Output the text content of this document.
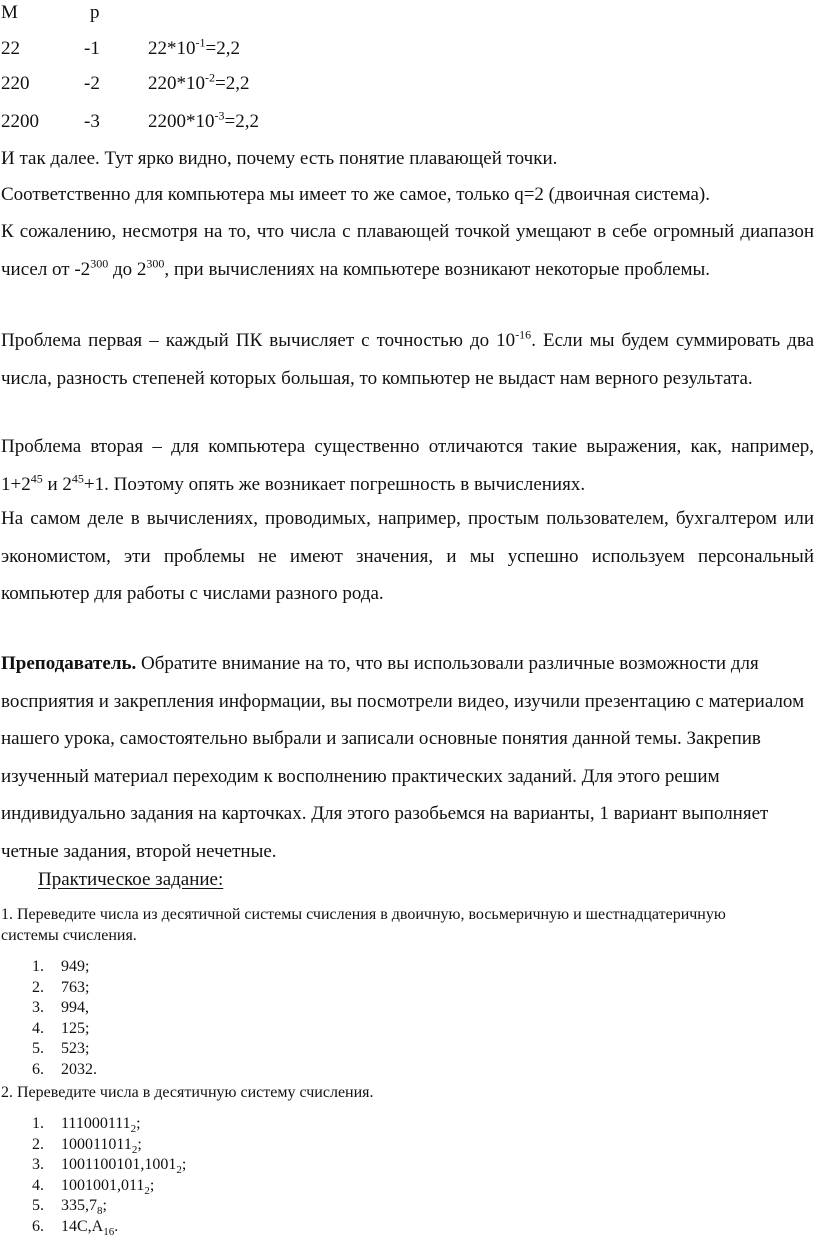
М	р
22	-1	$22*10^{-1}=2,2$
220	-2	$220*10^{-2}=2,2$
2200 -3	$2200*10^{-3}=2,2$

И так далее. Тут ярко видно, почему есть понятие плавающей точки.

Соответственно для компьютера мы имеет то же самое, только q=2 (двоичная система).

К сожалению, несмотря на то, что числа с плавающей точкой умещают в себе огромный диапазон чисел от $-2^{300}$ до $2^{300}$, при вычислениях на компьютере возникают некоторые проблемы.

Проблема первая – каждый ПК вычисляет с точностью до $10^{-16}$. Если мы будем суммировать два числа, разность степеней которых большая, то компьютер не выдаст нам верного результата.

Проблема вторая – для компьютера существенно отличаются такие выражения, как, например, $1+2^{45}$ и $2^{45}+1$. Поэтому опять же возникает погрешность в вычислениях.

На самом деле в вычислениях, проводимых, например, простым пользователем, бухгалтером или экономистом, эти проблемы не имеют значения, и мы успешно используем персональный компьютер для работы с числами разного рода.

Преподаватель. Обратите внимание на то, что вы использовали различные возможности для восприятия и закрепления информации, вы посмотрели видео, изучили презентацию с материалом нашего урока, самостоятельно выбрали и записали основные понятия данной темы. Закрепив изученный материал переходим к восполнению практических заданий. Для этого решим индивидуально задания на карточках. Для этого разобьемся на варианты, 1 вариант выполняет четные задания, второй нечетные.

Практическое задание:

1. Переведите числа из десятичной системы счисления в двоичную, восьмеричную и шестнадцатеричную системы счисления.

1.	949;
2.	763;
3.	994,
4.	125;
5.	523;
6.	2032.

2. Переведите числа в десятичную систему счисления.

1.	$111000111_2$;
2.	$100011011_2$;
3.	$1001100101,1001_2$;
4.	$1001001,011_2$;
5.	$335,7_8$;
6.	$14C,A_{16}$.
